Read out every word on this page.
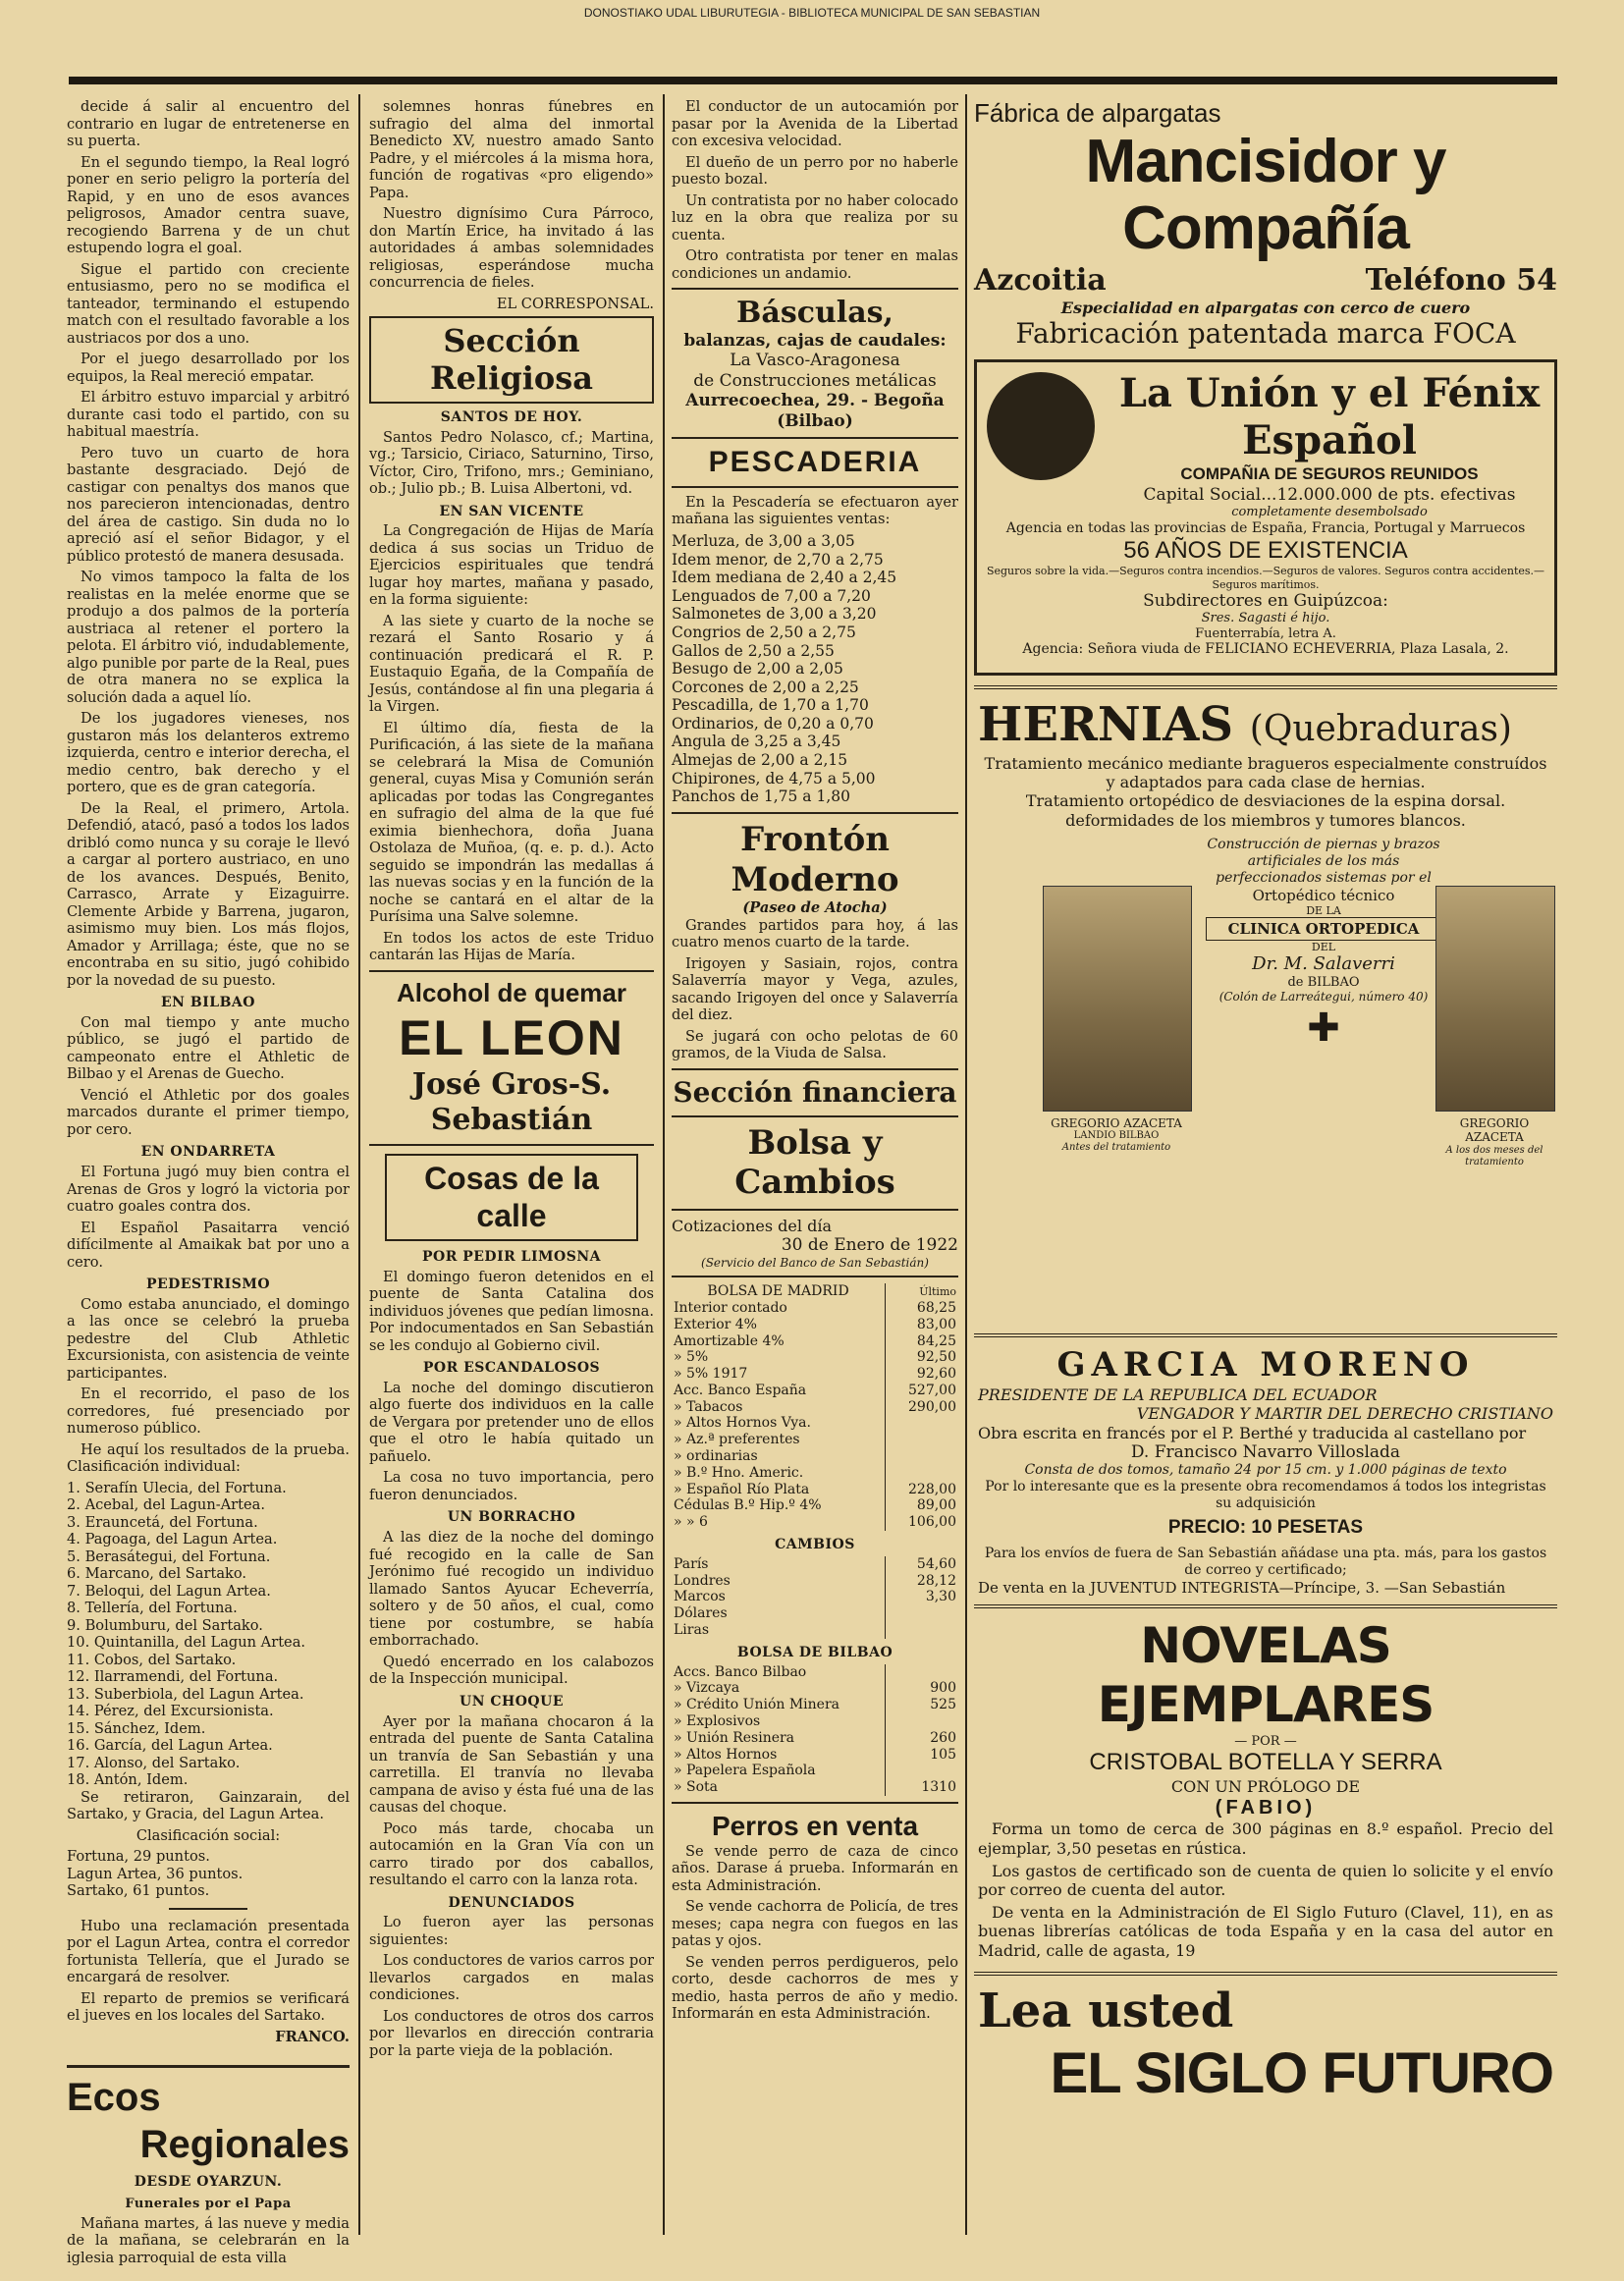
DONOSTIAKO UDAL LIBURUTEGIA - BIBLIOTECA MUNICIPAL DE SAN SEBASTIAN

decide á salir al encuentro del contrario en lugar de entretenerse en su puerta.

En el segundo tiempo, la Real logró poner en serio peligro la portería del Rapid, y en uno de esos avances peligrosos, Amador centra suave, recogiendo Barrena y de un chut estupendo logra el goal.

Sigue el partido con creciente entusiasmo, pero no se modifica el tanteador, terminando el estupendo match con el resultado favorable a los austriacos por dos a uno.

Por el juego desarrollado por los equipos, la Real mereció empatar.

El árbitro estuvo imparcial y arbitró durante casi todo el partido, con su habitual maestría.

Pero tuvo un cuarto de hora bastante desgraciado. Dejó de castigar con penaltys dos manos que nos parecieron intencionadas, dentro del área de castigo. Sin duda no lo apreció así el señor Bidagor, y el público protestó de manera desusada.

No vimos tampoco la falta de los realistas en la melée enorme que se produjo a dos palmos de la portería austriaca al retener el portero la pelota. El árbitro vió, indudablemente, algo punible por parte de la Real, pues de otra manera no se explica la solución dada a aquel lío.

De los jugadores vieneses, nos gustaron más los delanteros extremo izquierda, centro e interior derecha, el medio centro, bak derecho y el portero, que es de gran categoría.

De la Real, el primero, Artola. Defendió, atacó, pasó a todos los lados dribló como nunca y su coraje le llevó a cargar al portero austriaco, en uno de los avances. Después, Benito, Carrasco, Arrate y Eizaguirre. Clemente Arbide y Barrena, jugaron, asimismo muy bien. Los más flojos, Amador y Arrillaga; éste, que no se encontraba en su sitio, jugó cohibido por la novedad de su puesto.

EN BILBAO

Con mal tiempo y ante mucho público, se jugó el partido de campeonato entre el Athletic de Bilbao y el Arenas de Guecho.

Venció el Athletic por dos goales marcados durante el primer tiempo, por cero.

EN ONDARRETA

El Fortuna jugó muy bien contra el Arenas de Gros y logró la victoria por cuatro goales contra dos.

El Español Pasaitarra venció difícilmente al Amaikak bat por uno a cero.

PEDESTRISMO

Como estaba anunciado, el domingo a las once se celebró la prueba pedestre del Club Athletic Excursionista, con asistencia de veinte participantes.

En el recorrido, el paso de los corredores, fué presenciado por numeroso público.

He aquí los resultados de la prueba. Clasificación individual:

1. Serafín Ulecia, del Fortuna.
2. Acebal, del Lagun-Artea.
3. Erauncetá, del Fortuna.
4. Pagoaga, del Lagun Artea.
5. Berasátegui, del Fortuna.
6. Marcano, del Sartako.
7. Beloqui, del Lagun Artea.
8. Tellería, del Fortuna.
9. Bolumburu, del Sartako.
10. Quintanilla, del Lagun Artea.
11. Cobos, del Sartako.
12. Ilarramendi, del Fortuna.
13. Suberbiola, del Lagun Artea.
14. Pérez, del Excursionista.
15. Sánchez, Idem.
16. García, del Lagun Artea.
17. Alonso, del Sartako.
18. Antón, Idem.

Se retiraron, Gainzarain, del Sartako, y Gracia, del Lagun Artea.

Clasificación social:

Fortuna, 29 puntos.
Lagun Artea, 36 puntos.
Sartako, 61 puntos.

Hubo una reclamación presentada por el Lagun Artea, contra el corredor fortunista Tellería, que el Jurado se encargará de resolver.

El reparto de premios se verificará el jueves en los locales del Sartako.

FRANCO.

Ecos
Regionales
DESDE OYARZUN.
Funerales por el Papa

Mañana martes, á las nueve y media de la mañana, se celebrarán en la iglesia parroquial de esta villa

solemnes honras fúnebres en sufragio del alma del inmortal Benedicto XV, nuestro amado Santo Padre, y el miércoles á la misma hora, función de rogativas «pro eligendo» Papa.

Nuestro dignísimo Cura Párroco, don Martín Erice, ha invitado á las autoridades á ambas solemnidades religiosas, esperándose mucha concurrencia de fieles.

EL CORRESPONSAL.

Sección Religiosa
SANTOS DE HOY.

Santos Pedro Nolasco, cf.; Martina, vg.; Tarsicio, Ciriaco, Saturnino, Tirso, Víctor, Ciro, Trifono, mrs.; Geminiano, ob.; Julio pb.; B. Luisa Albertoni, vd.

EN SAN VICENTE

La Congregación de Hijas de María dedica á sus socias un Triduo de Ejercicios espirituales que tendrá lugar hoy martes, mañana y pasado, en la forma siguiente:

A las siete y cuarto de la noche se rezará el Santo Rosario y á continuación predicará el R. P. Eustaquio Egaña, de la Compañía de Jesús, contándose al fin una plegaria á la Virgen.

El último día, fiesta de la Purificación, á las siete de la mañana se celebrará la Misa de Comunión general, cuyas Misa y Comunión serán aplicadas por todas las Congregantes en sufragio del alma de la que fué eximia bienhechora, doña Juana Ostolaza de Muñoa, (q. e. p. d.). Acto seguido se impondrán las medallas á las nuevas socias y en la función de la noche se cantará en el altar de la Purísima una Salve solemne.

En todos los actos de este Triduo cantarán las Hijas de María.

Alcohol de quemar
EL LEON
José Gros-S. Sebastián
Cosas de la calle
POR PEDIR LIMOSNA

El domingo fueron detenidos en el puente de Santa Catalina dos individuos jóvenes que pedían limosna. Por indocumentados en San Sebastián se les condujo al Gobierno civil.

POR ESCANDALOSOS

La noche del domingo discutieron algo fuerte dos individuos en la calle de Vergara por pretender uno de ellos que el otro le había quitado un pañuelo.

La cosa no tuvo importancia, pero fueron denunciados.

UN BORRACHO

A las diez de la noche del domingo fué recogido en la calle de San Jerónimo fué recogido un individuo llamado Santos Ayucar Echeverría, soltero y de 50 años, el cual, como tiene por costumbre, se había emborrachado.

Quedó encerrado en los calabozos de la Inspección municipal.

UN CHOQUE

Ayer por la mañana chocaron á la entrada del puente de Santa Catalina un tranvía de San Sebastián y una carretilla. El tranvía no llevaba campana de aviso y ésta fué una de las causas del choque.

Poco más tarde, chocaba un autocamión en la Gran Vía con un carro tirado por dos caballos, resultando el carro con la lanza rota.

DENUNCIADOS

Lo fueron ayer las personas siguientes:

Los conductores de varios carros por llevarlos cargados en malas condiciones.

Los conductores de otros dos carros por llevarlos en dirección contraria por la parte vieja de la población.

El conductor de un autocamión por pasar por la Avenida de la Libertad con excesiva velocidad.

El dueño de un perro por no haberle puesto bozal.

Un contratista por no haber colocado luz en la obra que realiza por su cuenta.

Otro contratista por tener en malas condiciones un andamio.

Básculas,
balanzas, cajas de caudales:
La Vasco-Aragonesa
de Construcciones metálicas
Aurrecoechea, 29. - Begoña (Bilbao)
PESCADERIA

En la Pescadería se efectuaron ayer mañana las siguientes ventas:

Merluza, de 3,00 a 3,05
Idem menor, de 2,70 a 2,75
Idem mediana de 2,40 a 2,45
Lenguados de 7,00 a 7,20
Salmonetes de 3,00 a 3,20
Congrios de 2,50 a 2,75
Gallos de 2,50 a 2,55
Besugo de 2,00 a 2,05
Corcones de 2,00 a 2,25
Pescadilla, de 1,70 a 1,70
Ordinarios, de 0,20 a 0,70
Angula de 3,25 a 3,45
Almejas de 2,00 a 2,15
Chipirones, de 4,75 a 5,00
Panchos de 1,75 a 1,80
Frontón Moderno
(Paseo de Atocha)

Grandes partidos para hoy, á las cuatro menos cuarto de la tarde.

Irigoyen y Sasiain, rojos, contra Salaverría mayor y Vega, azules, sacando Irigoyen del once y Salaverría del diez.

Se jugará con ocho pelotas de 60 gramos, de la Viuda de Salsa.

Sección financiera
Bolsa y Cambios
Cotizaciones del día
30 de Enero de 1922
(Servicio del Banco de San Sebastián)
BOLSA DE MADRID	Último
Interior contado	68,25
Exterior 4%	83,00
Amortizable 4%	84,25
» 5%	92,50
» 5% 1917	92,60
Acc. Banco España	527,00
» Tabacos	290,00
» Altos Hornos Vya.	
» Az.ª preferentes	
» ordinarias	
» B.º Hno. Americ.	
» Español Río Plata	228,00
Cédulas B.º Hip.º 4%	89,00
» » 6	106,00
CAMBIOS
París	54,60
Londres	28,12
Marcos	3,30
Dólares	
Liras	
BOLSA DE BILBAO
Accs. Banco Bilbao	
» Vizcaya	900
» Crédito Unión Minera	525
» Explosivos	
» Unión Resinera	260
» Altos Hornos	105
» Papelera Española	
» Sota	1310
Perros en venta

Se vende perro de caza de cinco años. Darase á prueba. Informarán en esta Administración.

Se vende cachorra de Policía, de tres meses; capa negra con fuegos en las patas y ojos.

Se venden perros perdigueros, pelo corto, desde cachorros de mes y medio, hasta perros de año y medio. Informarán en esta Administración.

Fábrica de alpargatas
Mancisidor y Compañía
Azcoitia	Teléfono 54
Especialidad en alpargatas con cerco de cuero
Fabricación patentada marca FOCA
La Unión y el Fénix Español
COMPAÑIA DE SEGUROS REUNIDOS
Capital Social...12.000.000 de pts. efectivas
completamente desembolsado
Agencia en todas las provincias de España, Francia, Portugal y Marruecos
56 AÑOS DE EXISTENCIA
Seguros sobre la vida.—Seguros contra incendios.—Seguros de valores. Seguros contra accidentes.—Seguros marítimos.
Subdirectores en Guipúzcoa:
Sres. Sagasti é hijo.
Fuenterrabía, letra A.
Agencia: Señora viuda de FELICIANO ECHEVERRIA, Plaza Lasala, 2.
HERNIAS (Quebraduras)
Tratamiento mecánico mediante bragueros especialmente construídos y adaptados para cada clase de hernias.
Tratamiento ortopédico de desviaciones de la espina dorsal. deformidades de los miembros y tumores blancos.
GREGORIO AZACETA
LANDIO BILBAO
Antes del tratamiento
Construcción de piernas y brazos artificiales de los más perfeccionados sistemas por el
Ortopédico técnico
DE LA
CLINICA ORTOPEDICA
DEL
Dr. M. Salaverri
de BILBAO
(Colón de Larreátegui, número 40)
✚
GREGORIO AZACETA
A los dos meses del tratamiento
GARCIA MORENO
PRESIDENTE DE LA REPUBLICA DEL ECUADOR
VENGADOR Y MARTIR DEL DERECHO CRISTIANO
Obra escrita en francés por el P. Berthé y traducida al castellano por
D. Francisco Navarro Villoslada
Consta de dos tomos, tamaño 24 por 15 cm. y 1.000 páginas de texto
Por lo interesante que es la presente obra recomendamos á todos los integristas su adquisición
PRECIO: 10 PESETAS
Para los envíos de fuera de San Sebastián añádase una pta. más, para los gastos de correo y certificado;
De venta en la JUVENTUD INTEGRISTA—Príncipe, 3. —San Sebastián
NOVELAS EJEMPLARES
— POR —
CRISTOBAL BOTELLA Y SERRA
CON UN PRÓLOGO DE
(FABIO)

Forma un tomo de cerca de 300 páginas en 8.º español. Precio del ejemplar, 3,50 pesetas en rústica.

Los gastos de certificado son de cuenta de quien lo solicite y el envío por correo de cuenta del autor.

De venta en la Administración de El Siglo Futuro (Clavel, 11), en as buenas librerías católicas de toda España y en la casa del autor en Madrid, calle de agasta, 19

Lea usted
EL SIGLO FUTURO
